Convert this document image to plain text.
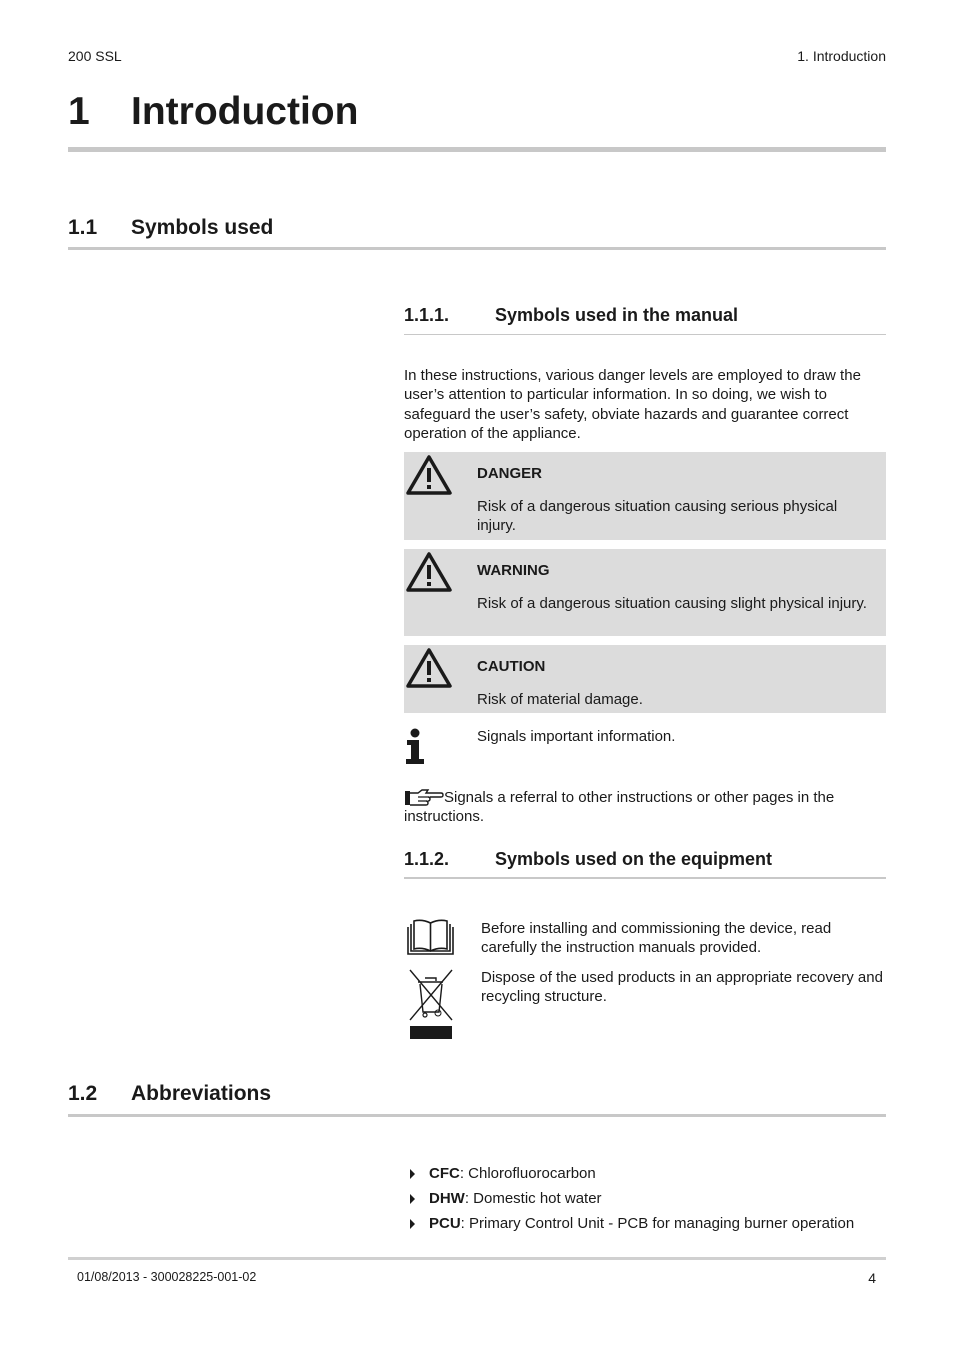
200 SSL	1. Introduction
1 Introduction
1.1 Symbols used
1.1.1.	Symbols used in the manual
In these instructions, various danger levels are employed to draw the user’s attention to particular information. In so doing, we wish to safeguard the user’s safety, obviate hazards and guarantee correct operation of the appliance.
DANGER
Risk of a dangerous situation causing serious physical injury.
WARNING
Risk of a dangerous situation causing slight physical injury.
CAUTION
Risk of material damage.
Signals important information.
Signals a referral to other instructions or other pages in the instructions.
1.1.2.	Symbols used on the equipment
Before installing and commissioning the device, read carefully the instruction manuals provided.
Dispose of the used products in an appropriate recovery and recycling structure.
1.2 Abbreviations
CFC : Chlorofluorocarbon
DHW : Domestic hot water
PCU : Primary Control Unit - PCB for managing burner operation
01/08/2013 - 300028225-001-02	4
